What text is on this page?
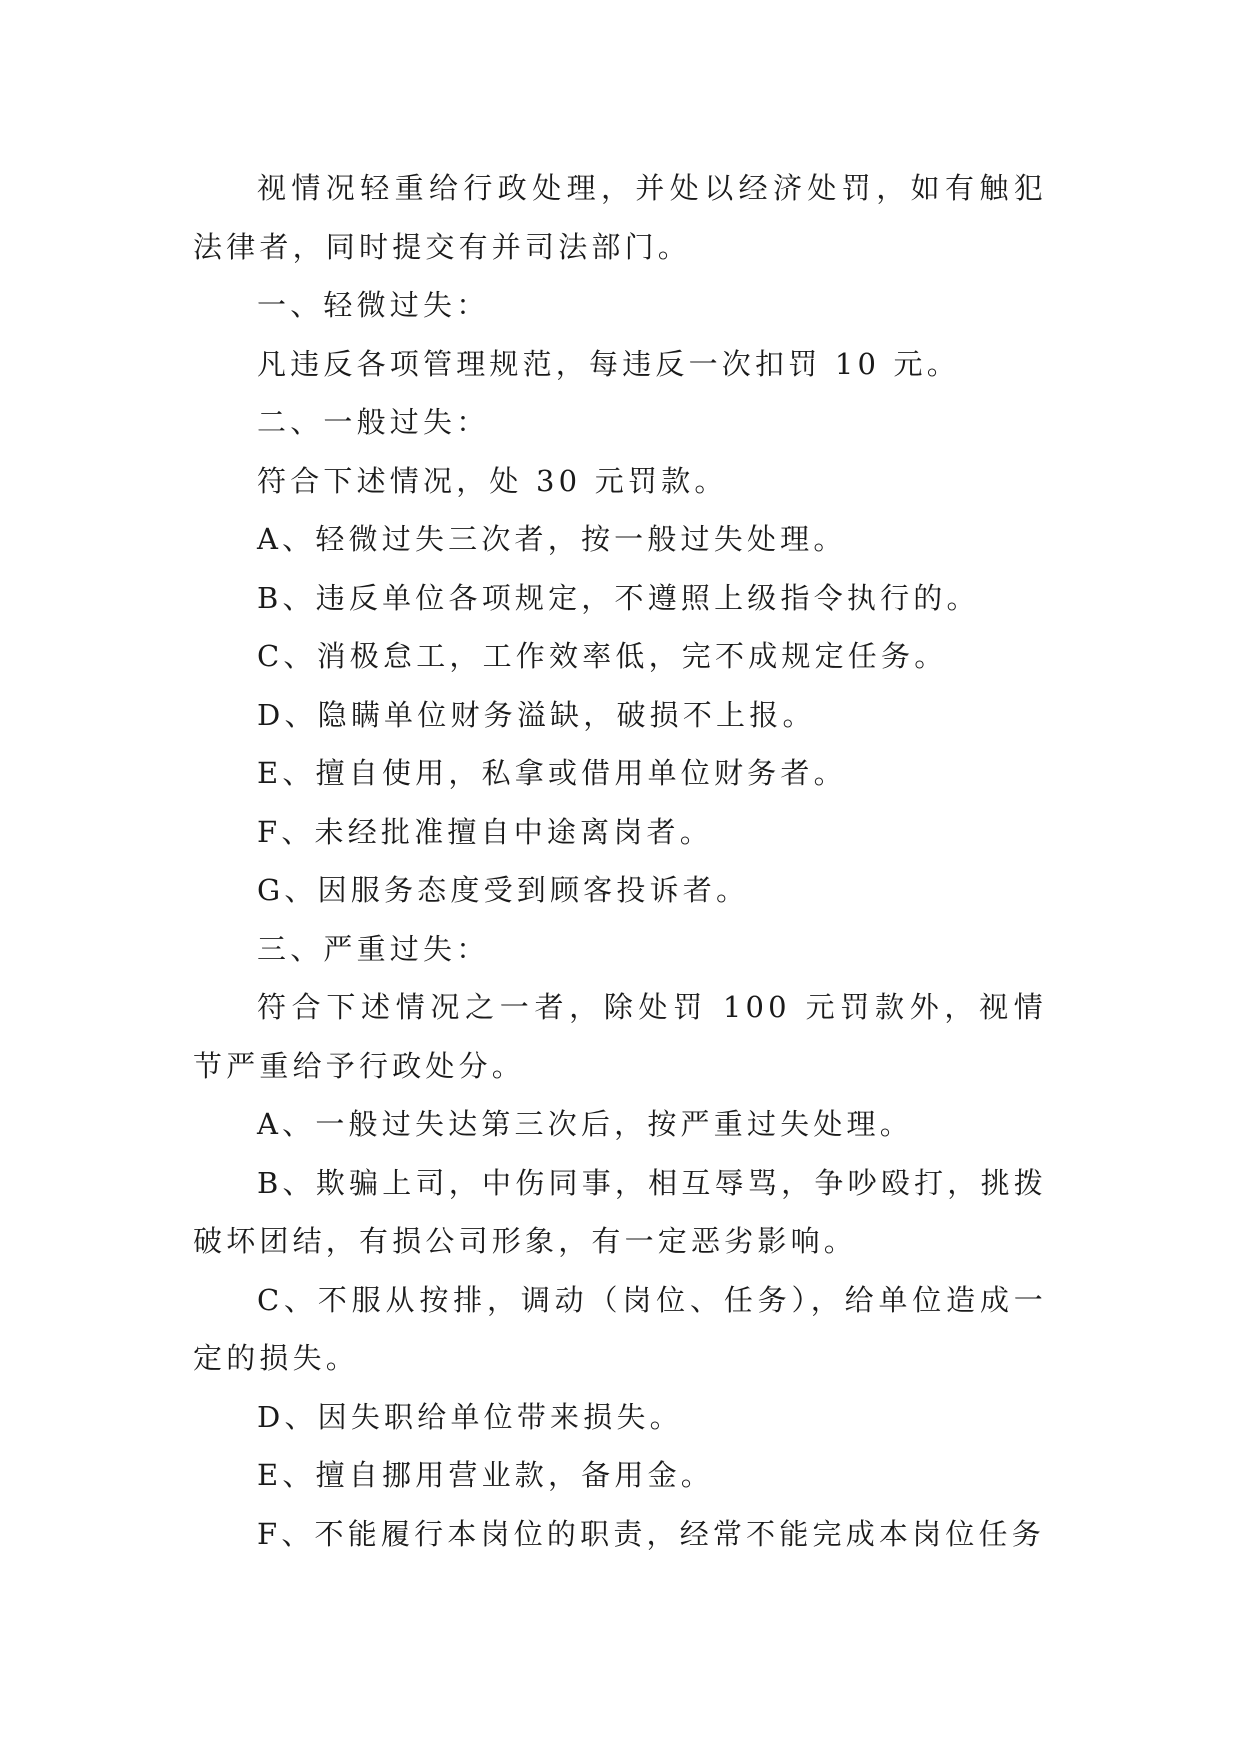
视情况轻重给行政处理，并处以经济处罚，如有触犯法律者，同时提交有并司法部门。

一、轻微过失：

凡违反各项管理规范，每违反一次扣罚 10 元。

二、一般过失：

符合下述情况，处 30 元罚款。

A、轻微过失三次者，按一般过失处理。

B、违反单位各项规定，不遵照上级指令执行的。

C、消极怠工，工作效率低，完不成规定任务。

D、隐瞒单位财务溢缺，破损不上报。

E、擅自使用，私拿或借用单位财务者。

F、未经批准擅自中途离岗者。

G、因服务态度受到顾客投诉者。

三、严重过失：

符合下述情况之一者，除处罚 100 元罚款外，视情节严重给予行政处分。

A、一般过失达第三次后，按严重过失处理。

B、欺骗上司，中伤同事，相互辱骂，争吵殴打，挑拨破坏团结，有损公司形象，有一定恶劣影响。

C、不服从按排，调动（岗位、任务），给单位造成一定的损失。

D、因失职给单位带来损失。

E、擅自挪用营业款，备用金。

F、不能履行本岗位的职责，经常不能完成本岗位任务
